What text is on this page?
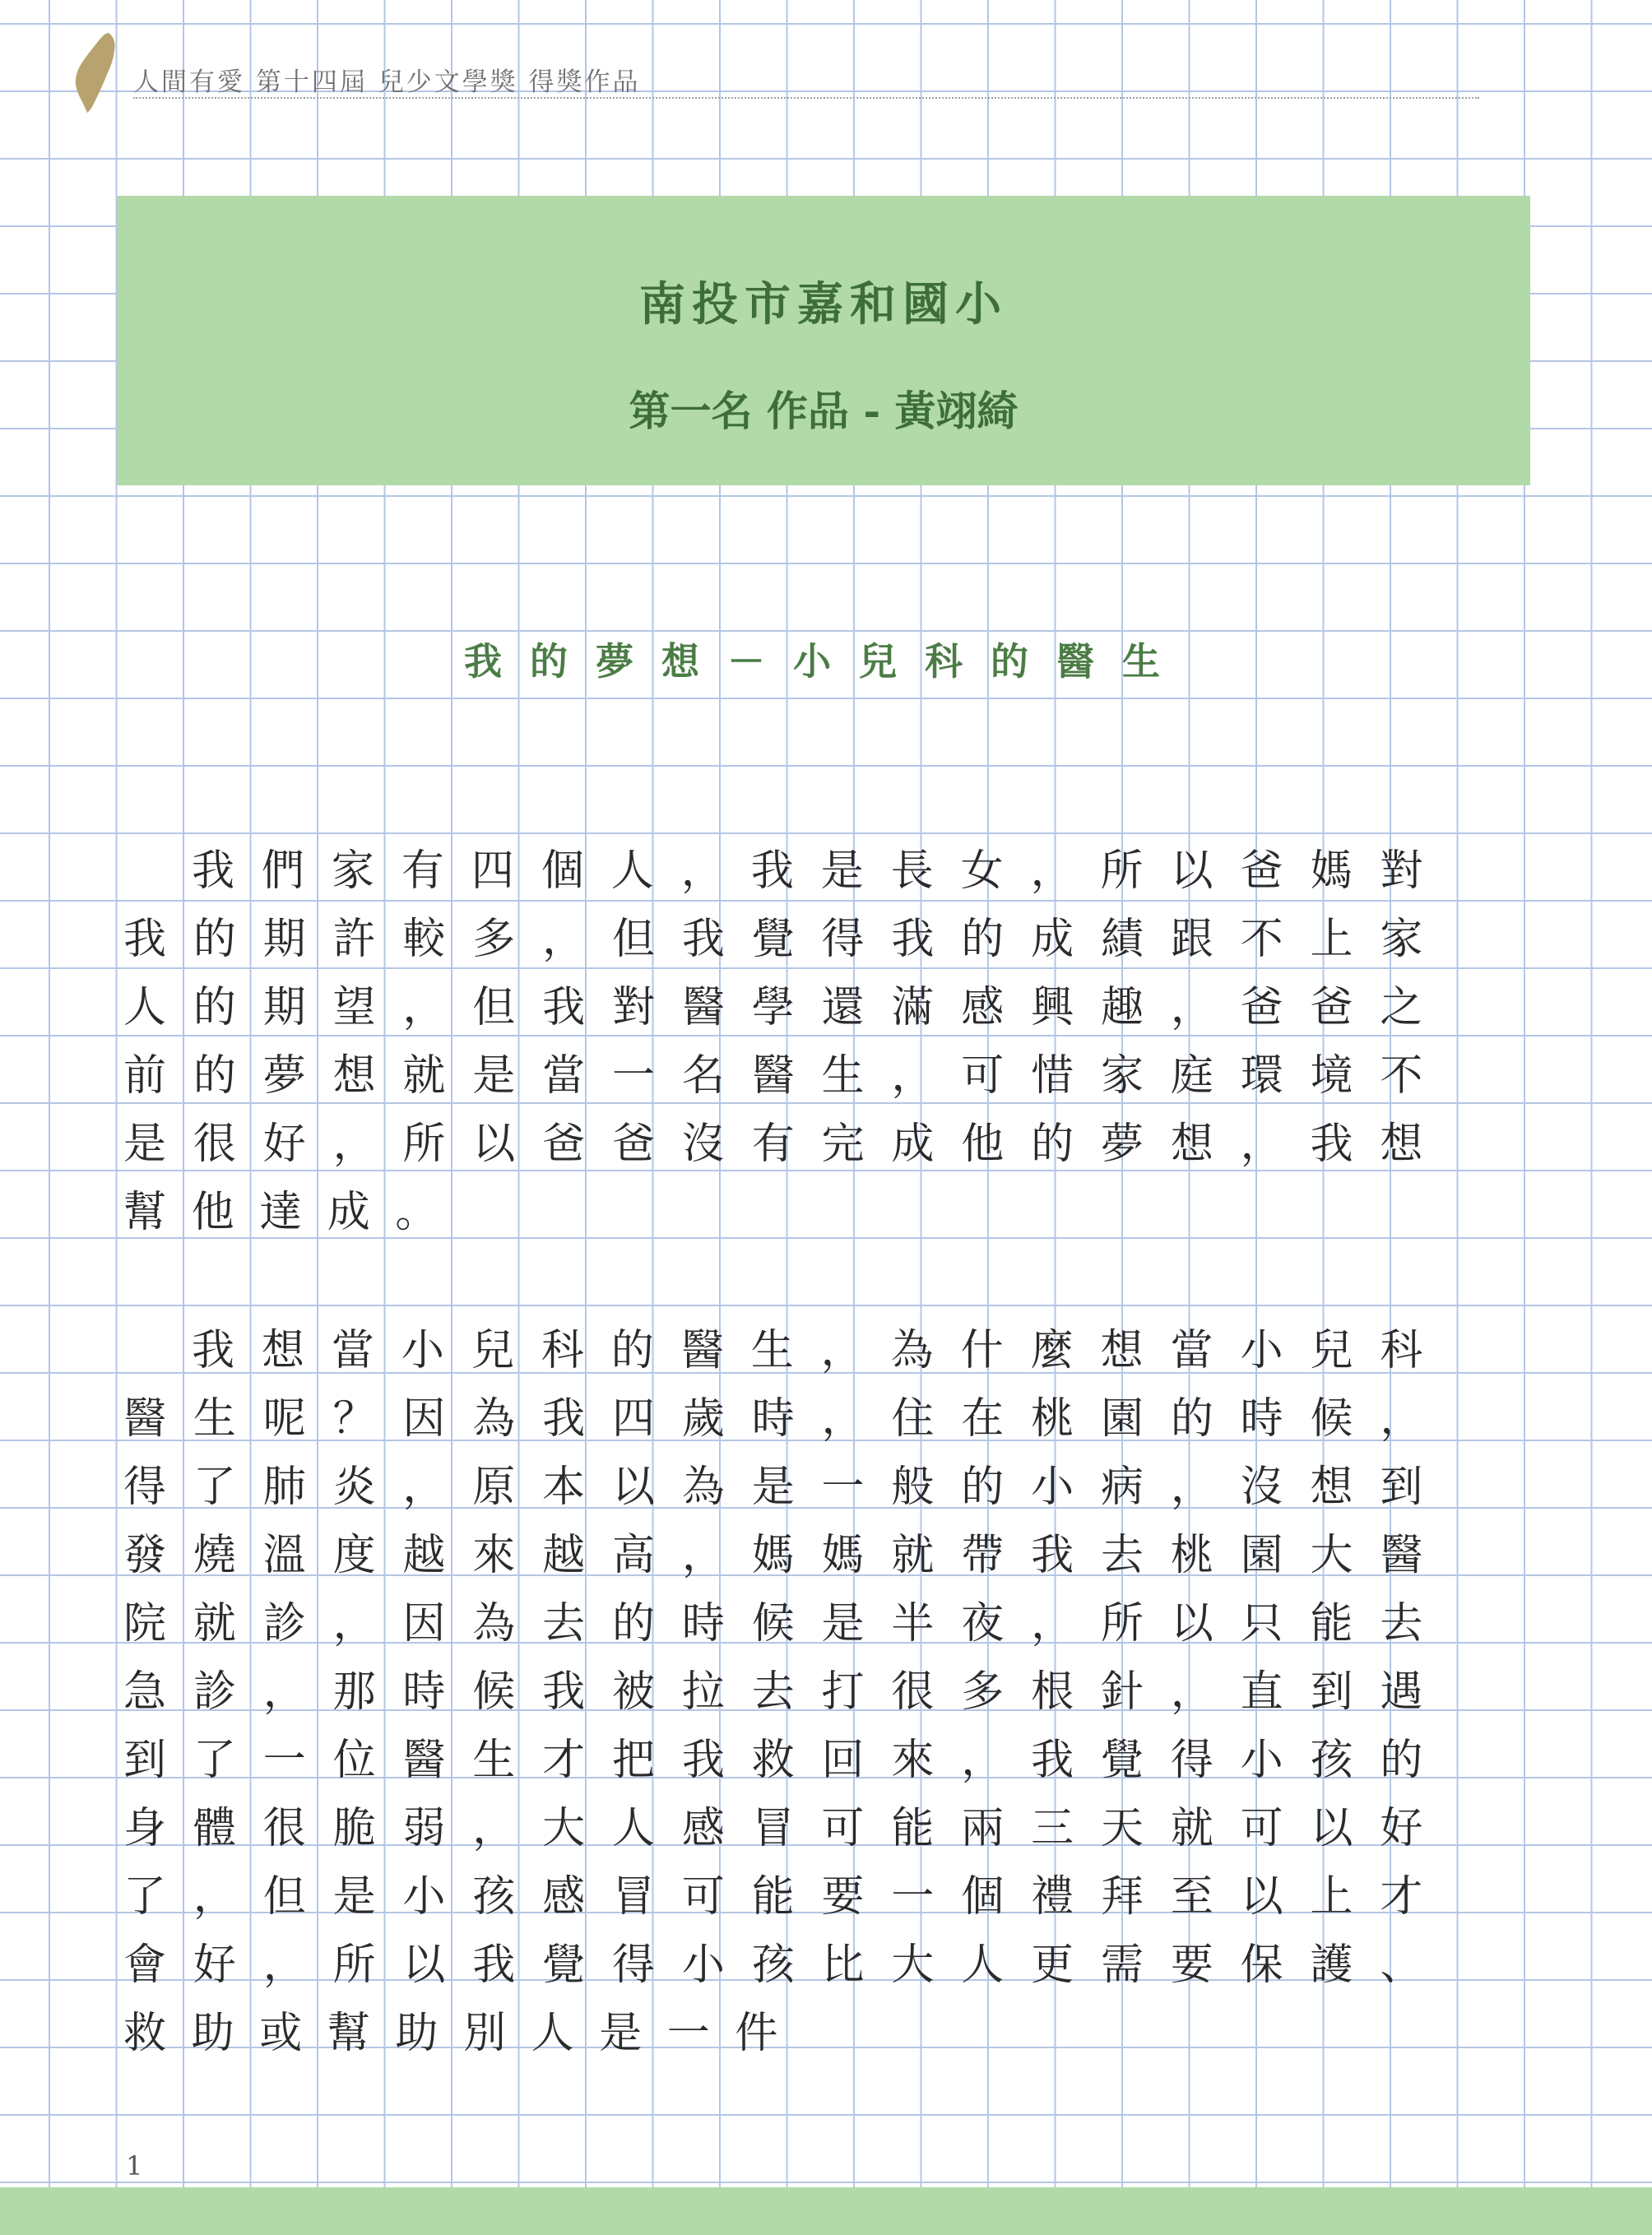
人間有愛 第十四屆 兒少文學獎 得獎作品
南投市嘉和國小
第一名 作品 - 黃翊綺
我的夢想－小兒科的醫生

我們家有四個人，我是長女，所以爸媽對我的期許較多，但我覺得我的成績跟不上家人的期望，但我對醫學還滿感興趣，爸爸之前的夢想就是當一名醫生，可惜家庭環境不是很好，所以爸爸沒有完成他的夢想，我想幫他達成。

我想當小兒科的醫生，為什麼想當小兒科醫生呢？因為我四歲時，住在桃園的時候，得了肺炎，原本以為是一般的小病，沒想到發燒溫度越來越高，媽媽就帶我去桃園大醫院就診，因為去的時候是半夜，所以只能去急診，那時候我被拉去打很多根針，直到遇到了一位醫生才把我救回來，我覺得小孩的身體很脆弱，大人感冒可能兩三天就可以好了，但是小孩感冒可能要一個禮拜至以上才會好，所以我覺得小孩比大人更需要保護、救助或幫助別人是一件

1
